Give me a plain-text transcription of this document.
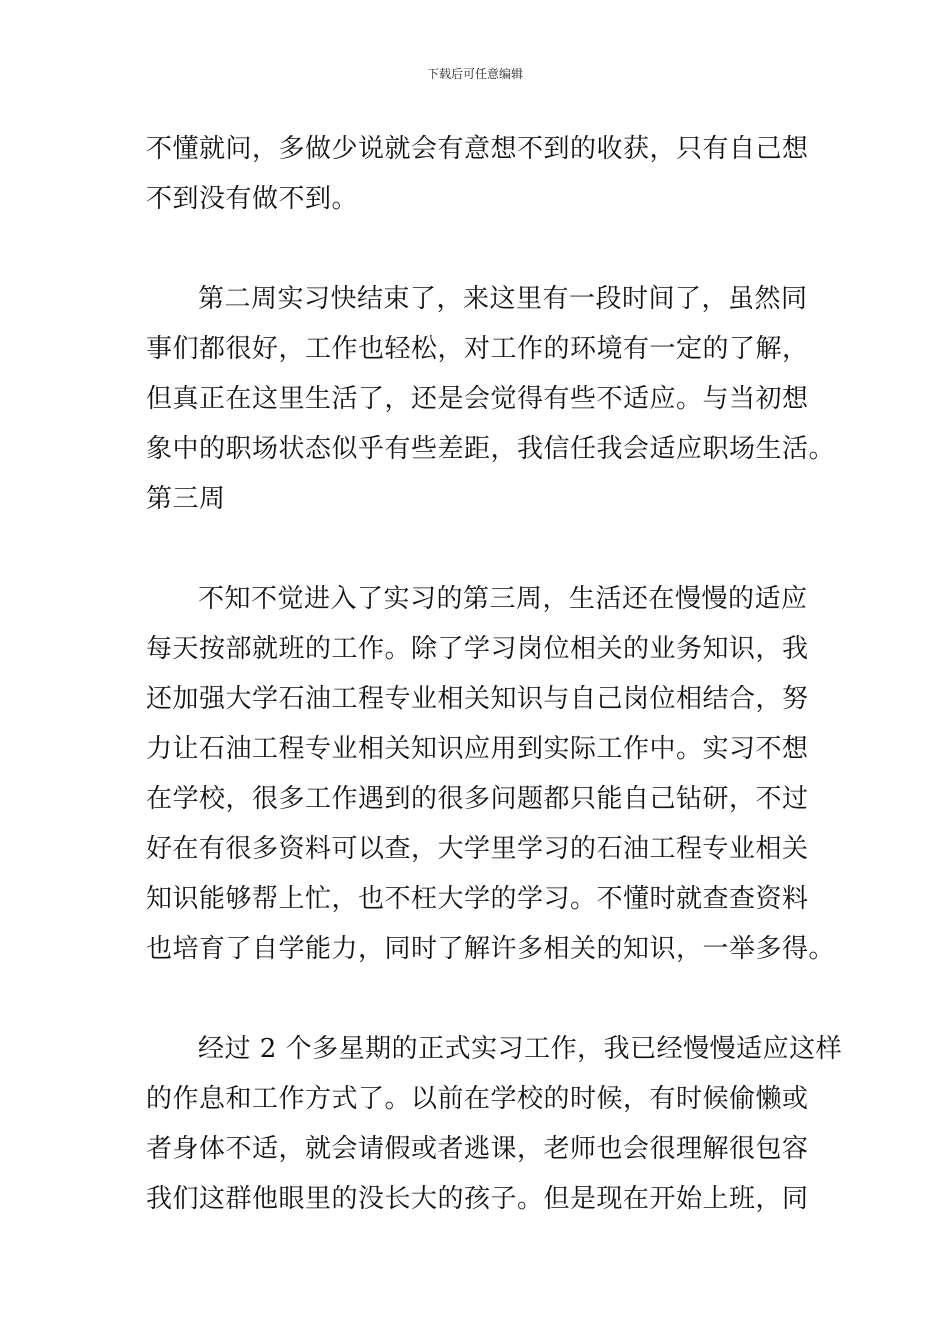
下载后可任意编辑
不懂就问，多做少说就会有意想不到的收获，只有自己想
不到没有做不到。
第二周实习快结束了，来这里有一段时间了，虽然同
事们都很好，工作也轻松，对工作的环境有一定的了解，
但真正在这里生活了，还是会觉得有些不适应。与当初想
象中的职场状态似乎有些差距，我信任我会适应职场生活。
第三周
不知不觉进入了实习的第三周，生活还在慢慢的适应
每天按部就班的工作。除了学习岗位相关的业务知识，我
还加强大学石油工程专业相关知识与自己岗位相结合，努
力让石油工程专业相关知识应用到实际工作中。实习不想
在学校，很多工作遇到的很多问题都只能自己钻研，不过
好在有很多资料可以查，大学里学习的石油工程专业相关
知识能够帮上忙，也不枉大学的学习。不懂时就查查资料
也培育了自学能力，同时了解许多相关的知识，一举多得。
经过 2 个多星期的正式实习工作，我已经慢慢适应这样
的作息和工作方式了。以前在学校的时候，有时候偷懒或
者身体不适，就会请假或者逃课，老师也会很理解很包容
我们这群他眼里的没长大的孩子。但是现在开始上班，同
